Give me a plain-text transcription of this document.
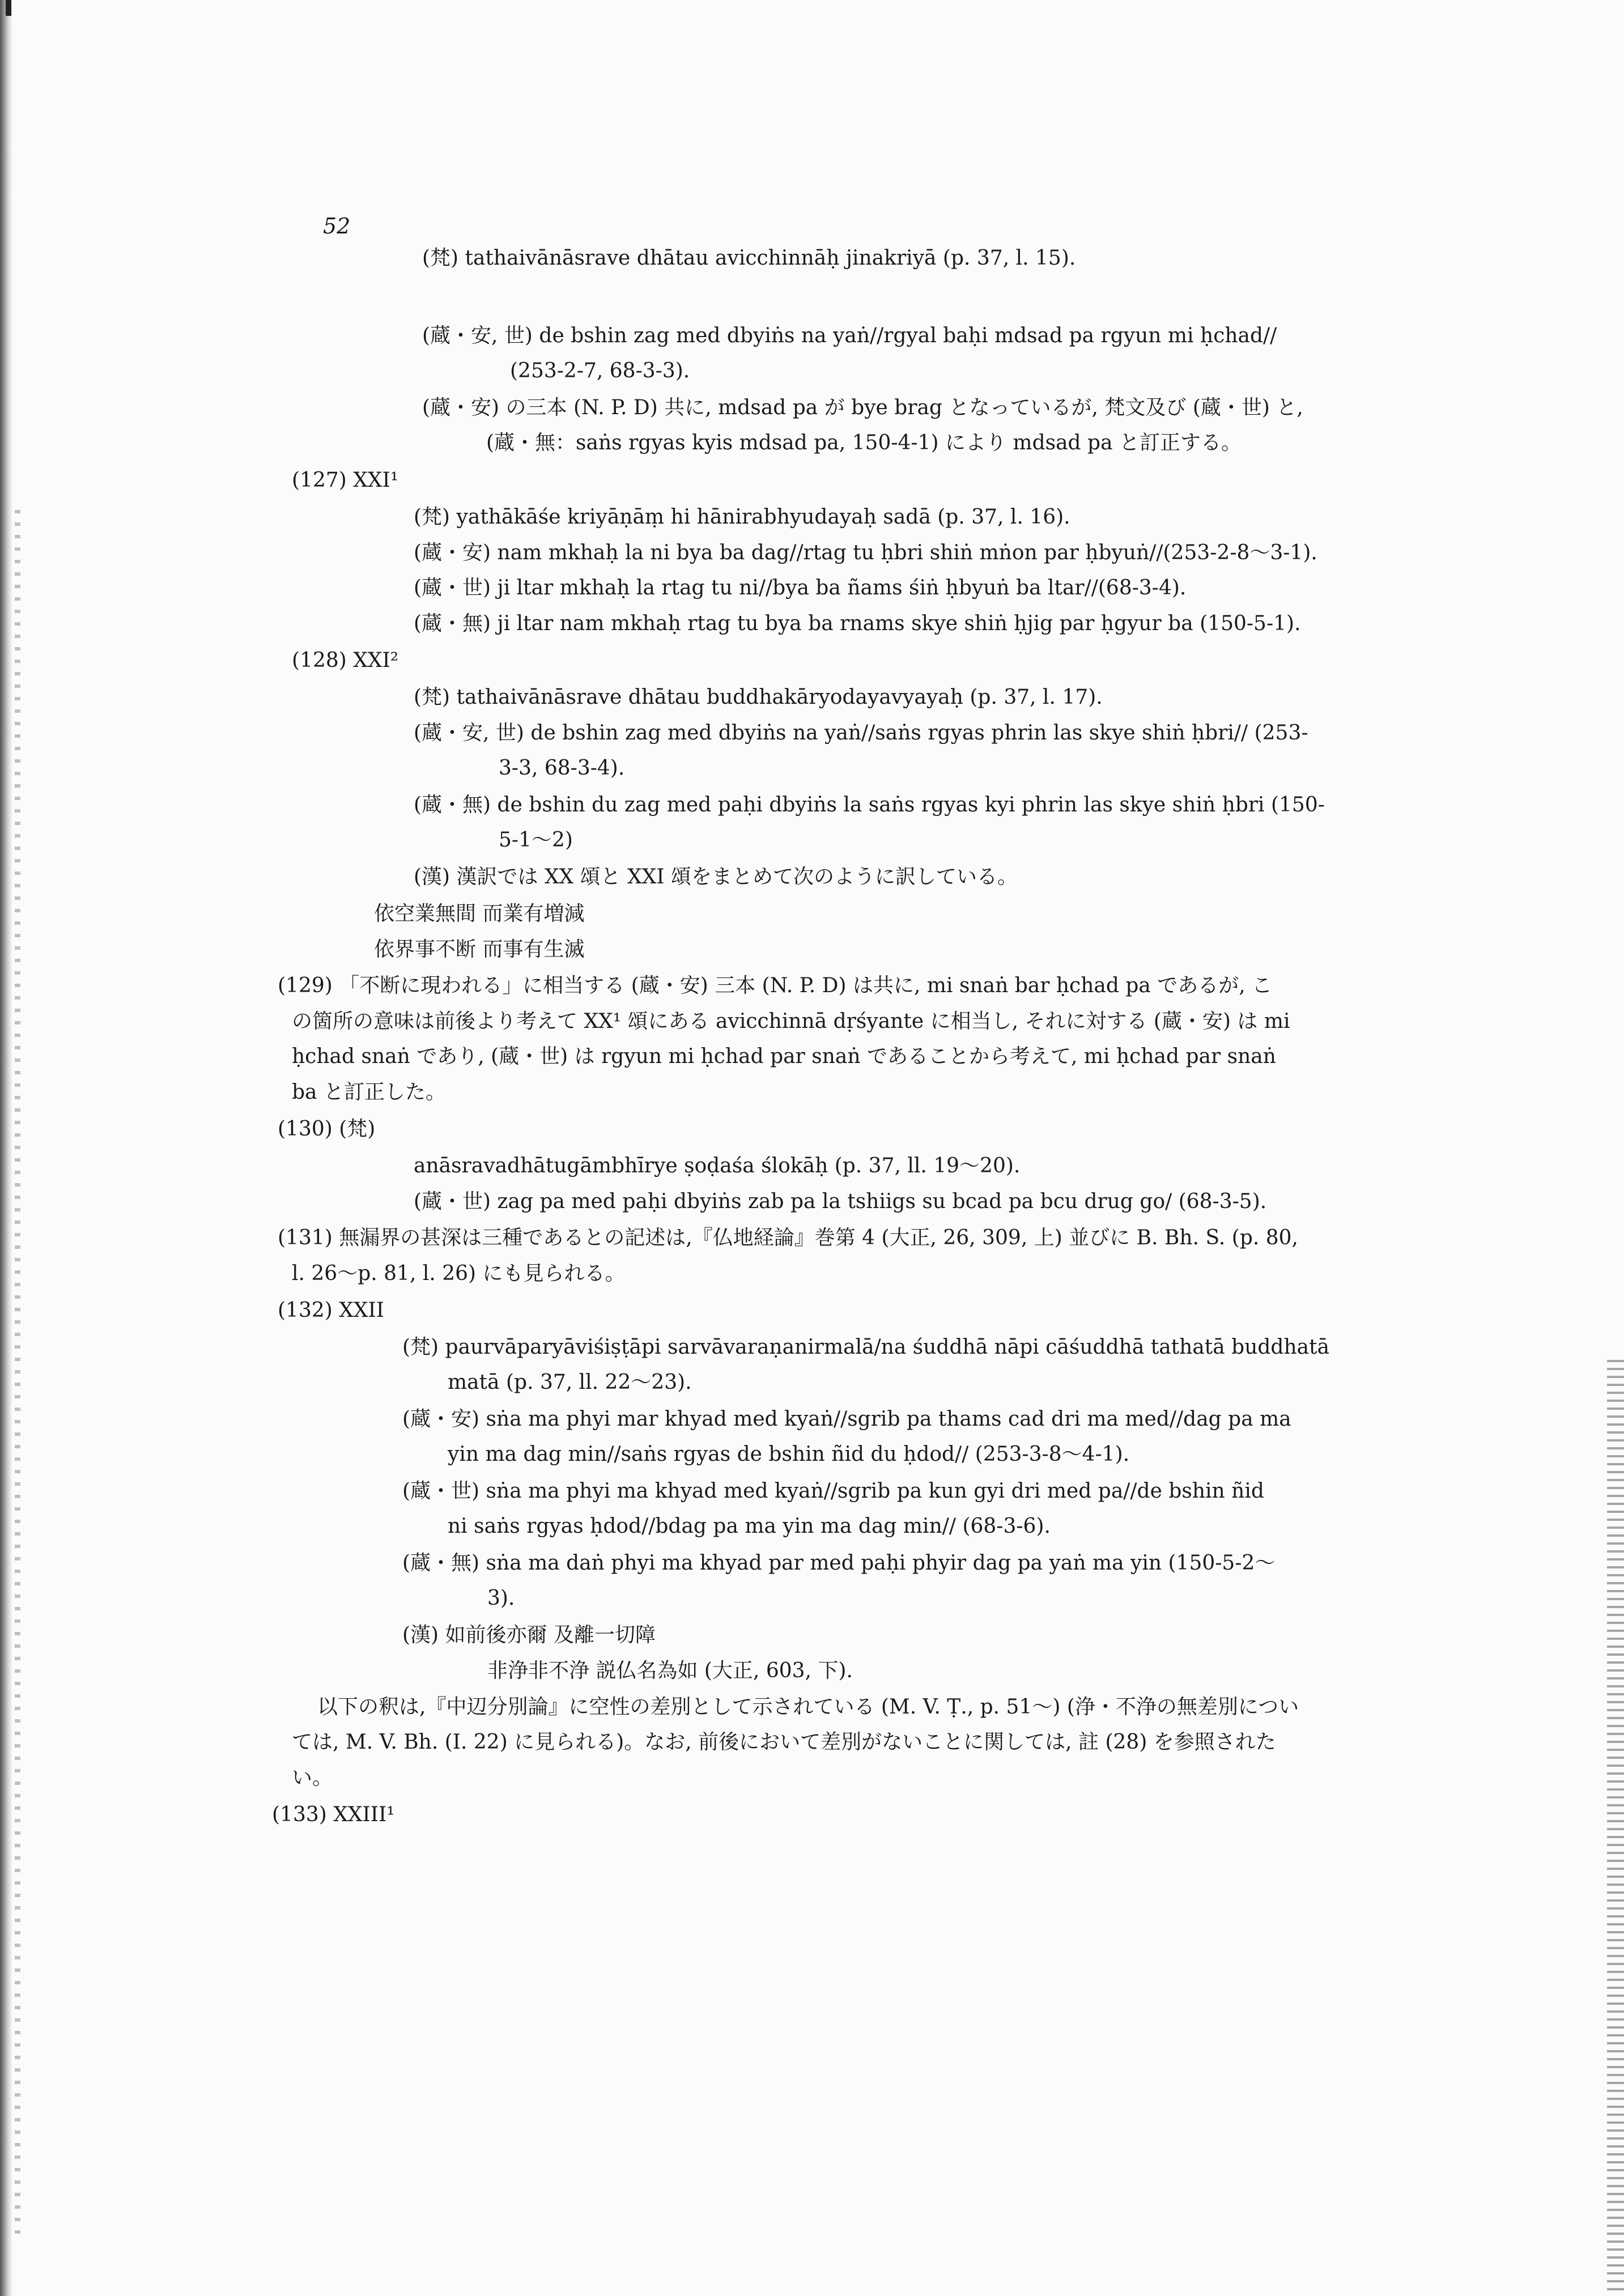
52
(梵) tathaivānāsrave dhātau avicchinnāḥ jinakriyā (p. 37, l. 15).
(蔵・安, 世) de bshin zag med dbyiṅs na yaṅ//rgyal baḥi mdsad pa rgyun mi ḥchad//
(253-2-7, 68-3-3).
(蔵・安) の三本 (N. P. D) 共に, mdsad pa が bye brag となっているが, 梵文及び (蔵・世) と,
(蔵・無：saṅs rgyas kyis mdsad pa, 150-4-1) により mdsad pa と訂正する。
(127) XXI¹
(梵) yathākāśe kriyāṇāṃ hi hānirabhyudayaḥ sadā (p. 37, l. 16).
(蔵・安) nam mkhaḥ la ni bya ba dag//rtag tu ḥbri shiṅ mṅon par ḥbyuṅ//(253-2-8～3-1).
(蔵・世) ji ltar mkhaḥ la rtag tu ni//bya ba ñams śiṅ ḥbyuṅ ba ltar//(68-3-4).
(蔵・無) ji ltar nam mkhaḥ rtag tu bya ba rnams skye shiṅ ḥjig par ḥgyur ba (150-5-1).
(128) XXI²
(梵) tathaivānāsrave dhātau buddhakāryodayavyayaḥ (p. 37, l. 17).
(蔵・安, 世) de bshin zag med dbyiṅs na yaṅ//saṅs rgyas phrin las skye shiṅ ḥbri// (253-
3-3, 68-3-4).
(蔵・無) de bshin du zag med paḥi dbyiṅs la saṅs rgyas kyi phrin las skye shiṅ ḥbri (150-
5-1～2)
(漢) 漢訳では XX 頌と XXI 頌をまとめて次のように訳している。
依空業無間 而業有増減
依界事不断 而事有生滅
(129) 「不断に現われる」に相当する (蔵・安) 三本 (N. P. D) は共に, mi snaṅ bar ḥchad pa であるが, こ
の箇所の意味は前後より考えて XX¹ 頌にある avicchinnā dṛśyante に相当し, それに対する (蔵・安) は mi
ḥchad snaṅ であり, (蔵・世) は rgyun mi ḥchad par snaṅ であることから考えて, mi ḥchad par snaṅ
ba と訂正した。
(130) (梵)
anāsravadhātugāmbhīrye ṣoḍaśa ślokāḥ (p. 37, ll. 19～20).
(蔵・世) zag pa med paḥi dbyiṅs zab pa la tshiigs su bcad pa bcu drug go/ (68-3-5).
(131) 無漏界の甚深は三種であるとの記述は,『仏地経論』巻第 4 (大正, 26, 309, 上) 並びに B. Bh. S. (p. 80,
l. 26～p. 81, l. 26) にも見られる。
(132) XXII
(梵) paurvāparyāviśiṣṭāpi sarvāvaraṇanirmalā/na śuddhā nāpi cāśuddhā tathatā buddhatā
matā (p. 37, ll. 22～23).
(蔵・安) sṅa ma phyi mar khyad med kyaṅ//sgrib pa thams cad dri ma med//dag pa ma
yin ma dag min//saṅs rgyas de bshin ñid du ḥdod// (253-3-8～4-1).
(蔵・世) sṅa ma phyi ma khyad med kyaṅ//sgrib pa kun gyi dri med pa//de bshin ñid
ni saṅs rgyas ḥdod//bdag pa ma yin ma dag min// (68-3-6).
(蔵・無) sṅa ma daṅ phyi ma khyad par med paḥi phyir dag pa yaṅ ma yin (150-5-2～
3).
(漢) 如前後亦爾 及離一切障
非浄非不浄 説仏名為如 (大正, 603, 下).
以下の釈は,『中辺分別論』に空性の差別として示されている (M. V. Ṭ., p. 51～) (浄・不浄の無差別につい
ては, M. V. Bh. (I. 22) に見られる)。なお, 前後において差別がないことに関しては, 註 (28) を参照された
い。
(133) XXIII¹
